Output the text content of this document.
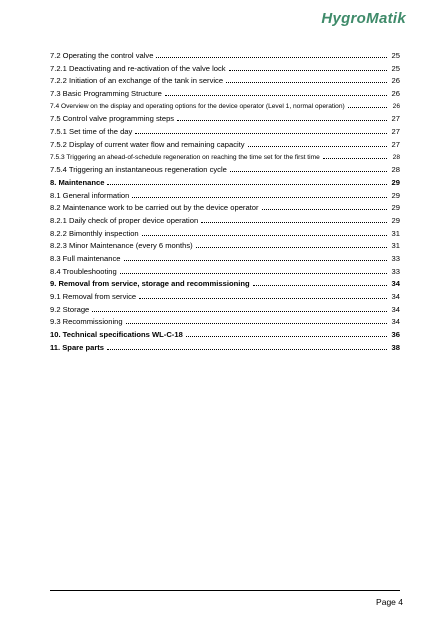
HygroMatik
7.2 Operating the control valve	25
7.2.1 Deactivating and re-activation of the valve lock	25
7.2.2 Initiation of an exchange of the tank in service	26
7.3 Basic Programming Structure	26
7.4 Overview on the display and operating options for the device operator (Level 1, normal operation)	26
7.5 Control valve programming steps	27
7.5.1 Set time of the day	27
7.5.2 Display of current water flow and remaining capacity	27
7.5.3 Triggering an ahead-of-schedule regeneration on reaching the time set for the first time	28
7.5.4 Triggering an instantaneous regeneration cycle	28
8. Maintenance	29
8.1 General information	29
8.2 Maintenance work to be carried out by the device operator	29
8.2.1 Daily check of proper device operation	29
8.2.2 Bimonthly inspection	31
8.2.3 Minor Maintenance (every 6 months)	31
8.3 Full maintenance	33
8.4 Troubleshooting	33
9. Removal from service, storage and recommissioning	34
9.1 Removal from service	34
9.2 Storage	34
9.3 Recommissioning	34
10. Technical specifications WL-C-18	36
11. Spare parts	38
Page 4
